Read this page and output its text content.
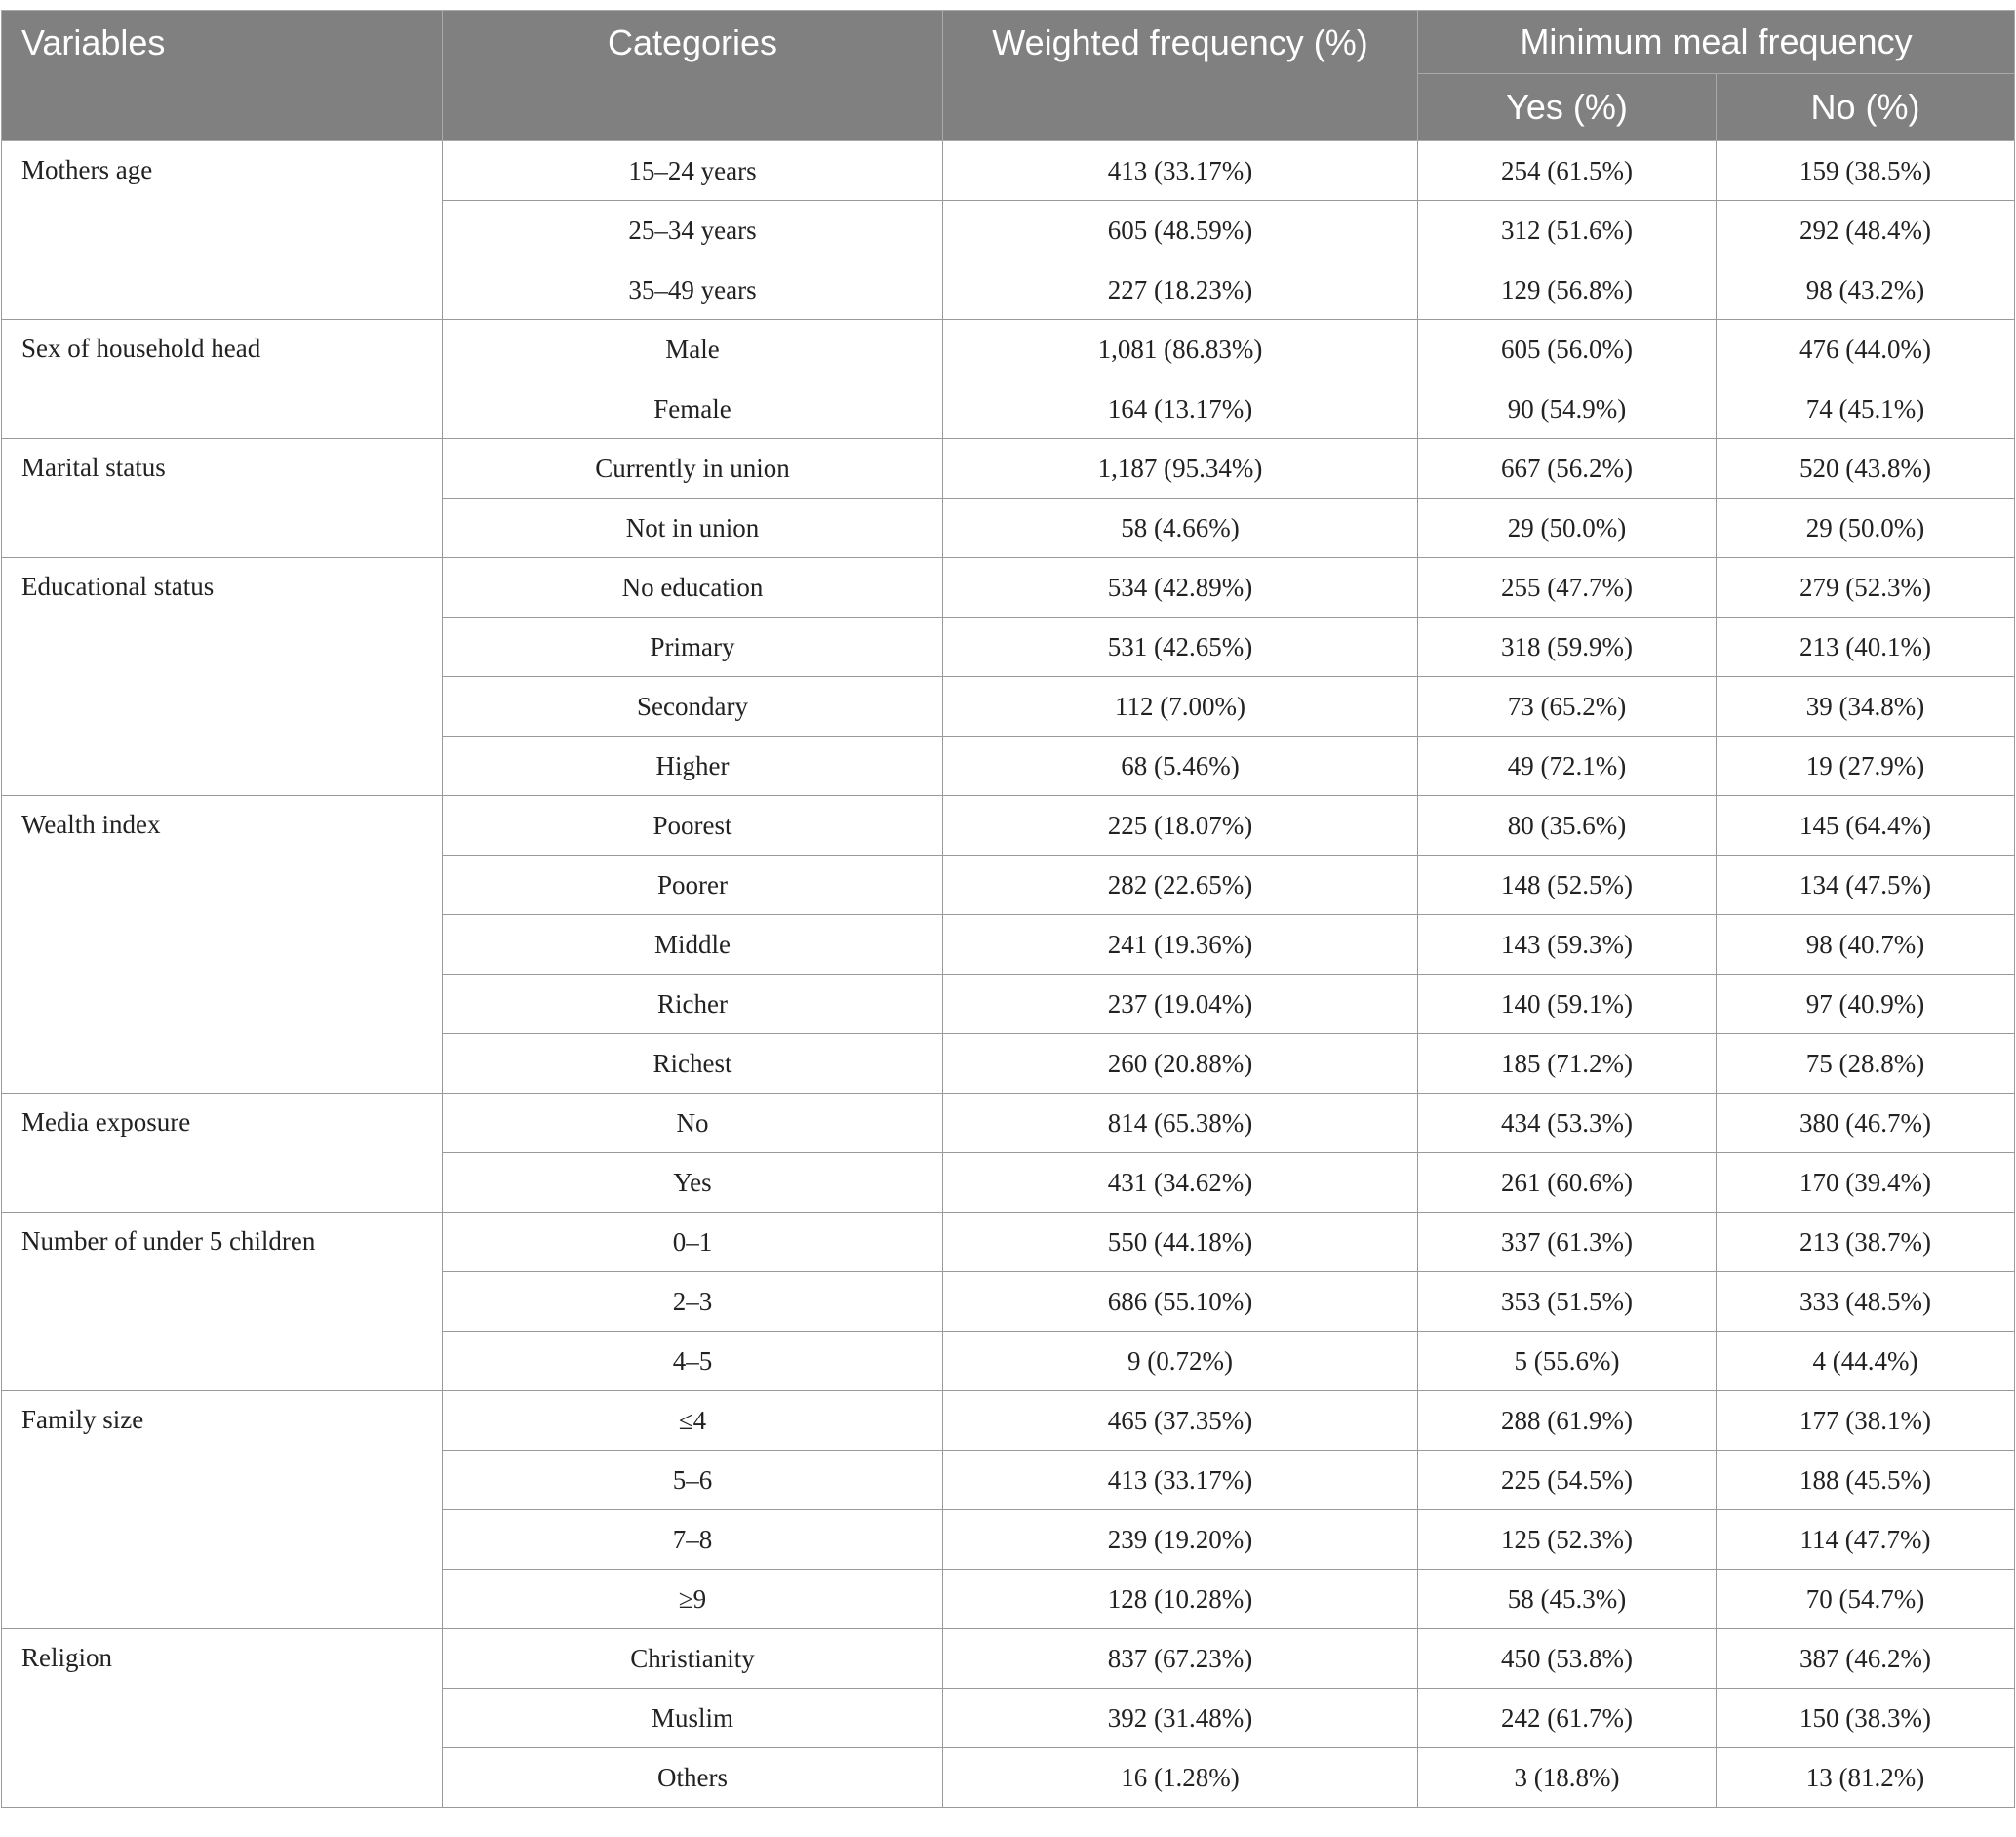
Variables	Categories	Weighted frequency (%)	Minimum meal frequency	
			Yes (%)	No (%)
Mothers age	15–24 years	413 (33.17%)	254 (61.5%)	159 (38.5%)
	25–34 years	605 (48.59%)	312 (51.6%)	292 (48.4%)
	35–49 years	227 (18.23%)	129 (56.8%)	98 (43.2%)
Sex of household head	Male	1,081 (86.83%)	605 (56.0%)	476 (44.0%)
	Female	164 (13.17%)	90 (54.9%)	74 (45.1%)
Marital status	Currently in union	1,187 (95.34%)	667 (56.2%)	520 (43.8%)
	Not in union	58 (4.66%)	29 (50.0%)	29 (50.0%)
Educational status	No education	534 (42.89%)	255 (47.7%)	279 (52.3%)
	Primary	531 (42.65%)	318 (59.9%)	213 (40.1%)
	Secondary	112 (7.00%)	73 (65.2%)	39 (34.8%)
	Higher	68 (5.46%)	49 (72.1%)	19 (27.9%)
Wealth index	Poorest	225 (18.07%)	80 (35.6%)	145 (64.4%)
	Poorer	282 (22.65%)	148 (52.5%)	134 (47.5%)
	Middle	241 (19.36%)	143 (59.3%)	98 (40.7%)
	Richer	237 (19.04%)	140 (59.1%)	97 (40.9%)
	Richest	260 (20.88%)	185 (71.2%)	75 (28.8%)
Media exposure	No	814 (65.38%)	434 (53.3%)	380 (46.7%)
	Yes	431 (34.62%)	261 (60.6%)	170 (39.4%)
Number of under 5 children	0–1	550 (44.18%)	337 (61.3%)	213 (38.7%)
	2–3	686 (55.10%)	353 (51.5%)	333 (48.5%)
	4–5	9 (0.72%)	5 (55.6%)	4 (44.4%)
Family size	≤4	465 (37.35%)	288 (61.9%)	177 (38.1%)
	5–6	413 (33.17%)	225 (54.5%)	188 (45.5%)
	7–8	239 (19.20%)	125 (52.3%)	114 (47.7%)
	≥9	128 (10.28%)	58 (45.3%)	70 (54.7%)
Religion	Christianity	837 (67.23%)	450 (53.8%)	387 (46.2%)
	Muslim	392 (31.48%)	242 (61.7%)	150 (38.3%)
	Others	16 (1.28%)	3 (18.8%)	13 (81.2%)
